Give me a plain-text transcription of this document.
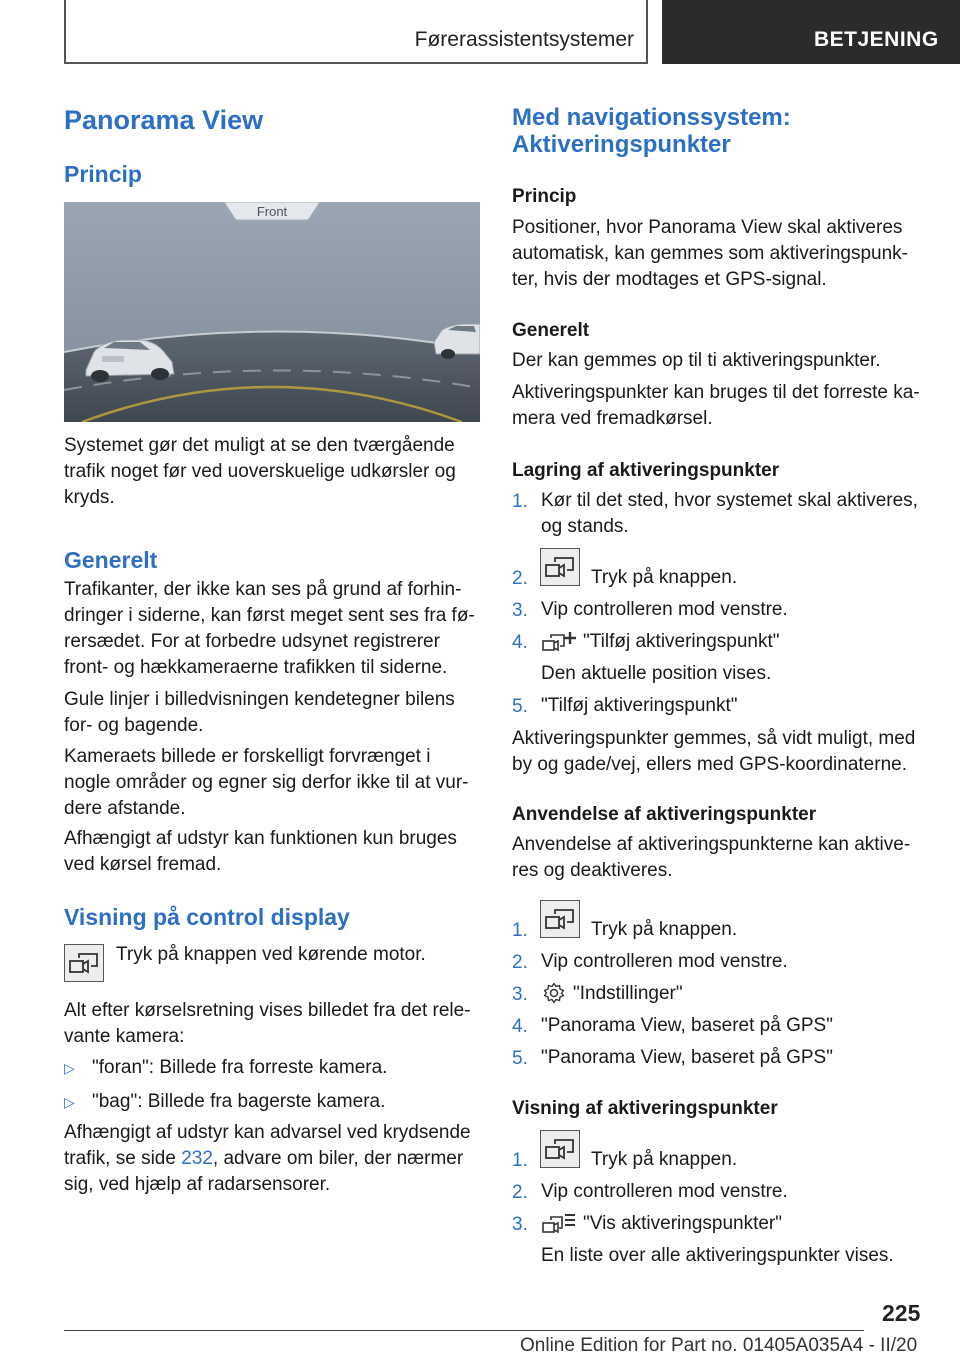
Førerassistentsystemer	BETJENING
Panorama View
Princip
Front
Systemet gør det muligt at se den tværgående
trafik noget før ved uoverskuelige udkørsler og
kryds.
Generelt
Trafikanter, der ikke kan ses på grund af forhin-
dringer i siderne, kan først meget sent ses fra fø-
rersædet. For at forbedre udsynet registrerer
front- og hækkameraerne trafikken til siderne.
Gule linjer i billedvisningen kendetegner bilens
for- og bagende.
Kameraets billede er forskelligt forvrænget i
nogle områder og egner sig derfor ikke til at vur-
dere afstande.
Afhængigt af udstyr kan funktionen kun bruges
ved kørsel fremad.
Visning på control display
Tryk på knappen ved kørende motor.
Alt efter kørselsretning vises billedet fra det rele-
vante kamera:
▷ "foran": Billede fra forreste kamera.
▷ "bag": Billede fra bagerste kamera.
Afhængigt af udstyr kan advarsel ved krydsende
trafik, se side 232, advare om biler, der nærmer
sig, ved hjælp af radarsensorer.
Med navigationssystem:
Aktiveringspunkter
Princip
Positioner, hvor Panorama View skal aktiveres
automatisk, kan gemmes som aktiveringspunk-
ter, hvis der modtages et GPS-signal.
Generelt
Der kan gemmes op til ti aktiveringspunkter.
Aktiveringspunkter kan bruges til det forreste ka-
mera ved fremadkørsel.
Lagring af aktiveringspunkter
1. Kør til det sted, hvor systemet skal aktiveres,
og stands.
2.	Tryk på knappen.
3. Vip controlleren mod venstre.
4.	"Tilføj aktiveringspunkt"
Den aktuelle position vises.
5. "Tilføj aktiveringspunkt"
Aktiveringspunkter gemmes, så vidt muligt, med
by og gade/vej, ellers med GPS-koordinaterne.
Anvendelse af aktiveringspunkter
Anvendelse af aktiveringspunkterne kan aktive-
res og deaktiveres.
1.	Tryk på knappen.
2. Vip controlleren mod venstre.
3. "Indstillinger"
4. "Panorama View, baseret på GPS"
5. "Panorama View, baseret på GPS"
Visning af aktiveringspunkter
1.	Tryk på knappen.
2. Vip controlleren mod venstre.
3.	"Vis aktiveringspunkter"
En liste over alle aktiveringspunkter vises.
225
Online Edition for Part no. 01405A035A4 - II/20
